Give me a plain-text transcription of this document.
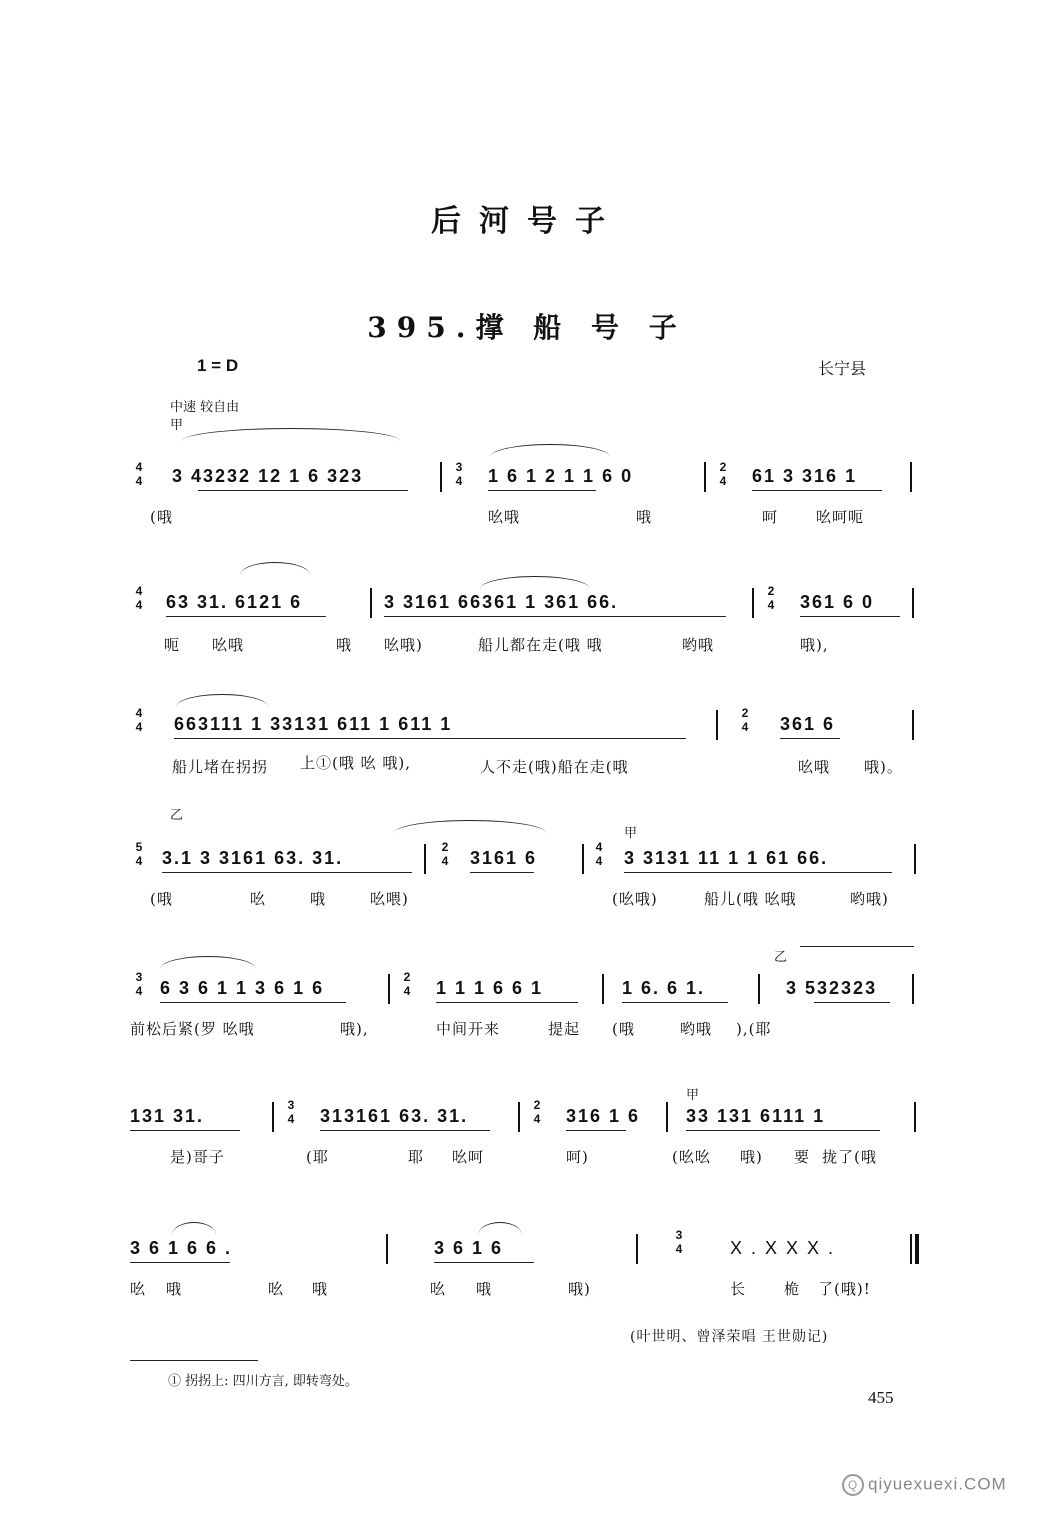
后河号子
395.撑 船 号 子
1 = D	长宁县
中速 较自由
甲
4
4 3 43232 12 1 6 323	3
4 1 6 1 2 1 1 6 0	2
4 61 3 316 1
(哦	吆哦	哦	呵	吆呵呃
4
4 63 31. 6121 6	3 3161 66361 1 361 66.
2
4 361 6 0
呃 吆哦	哦 吆哦)	船儿都在走(哦 哦	哟哦	哦),
4
4 663111 1 33131 611 1 611 1
2
4 361 6
船儿堵在拐拐 上①(哦 吆 哦),	人不走(哦)船在走(哦	吆哦 哦)。
乙
甲
5
4 3.1 3 3161 63. 31.
2
4 3161 6
4
4 3 3131 11 1 1 61 66.
(哦	吆	哦	吆喂)	(吆哦)	船儿(哦 吆哦	哟哦)
乙
3
4 6 3 6 1 1 3 6 1 6
2
4 1 1 1 6 6 1	1 6. 6 1.	3 532323
前松后紧(罗 吆哦	哦),	中间开来	提起 (哦	哟哦 ),(耶
甲
131 31.
3
4 313161 63. 31.
2
4 316 1 6	33 131 6111 1
是)哥子	(耶	耶 吆呵	呵)	(吆吆 哦) 要 拢了(哦
3 6 1 6 6 .	3 6 1 6
3
4	X . X X X .
吆 哦	吆 哦	吆 哦	哦)	长	桅 了(哦)!
(叶世明、曾泽荣唱 王世勋记)
① 拐拐上: 四川方言, 即转弯处。
455
Q qiyuexuexi.COM
